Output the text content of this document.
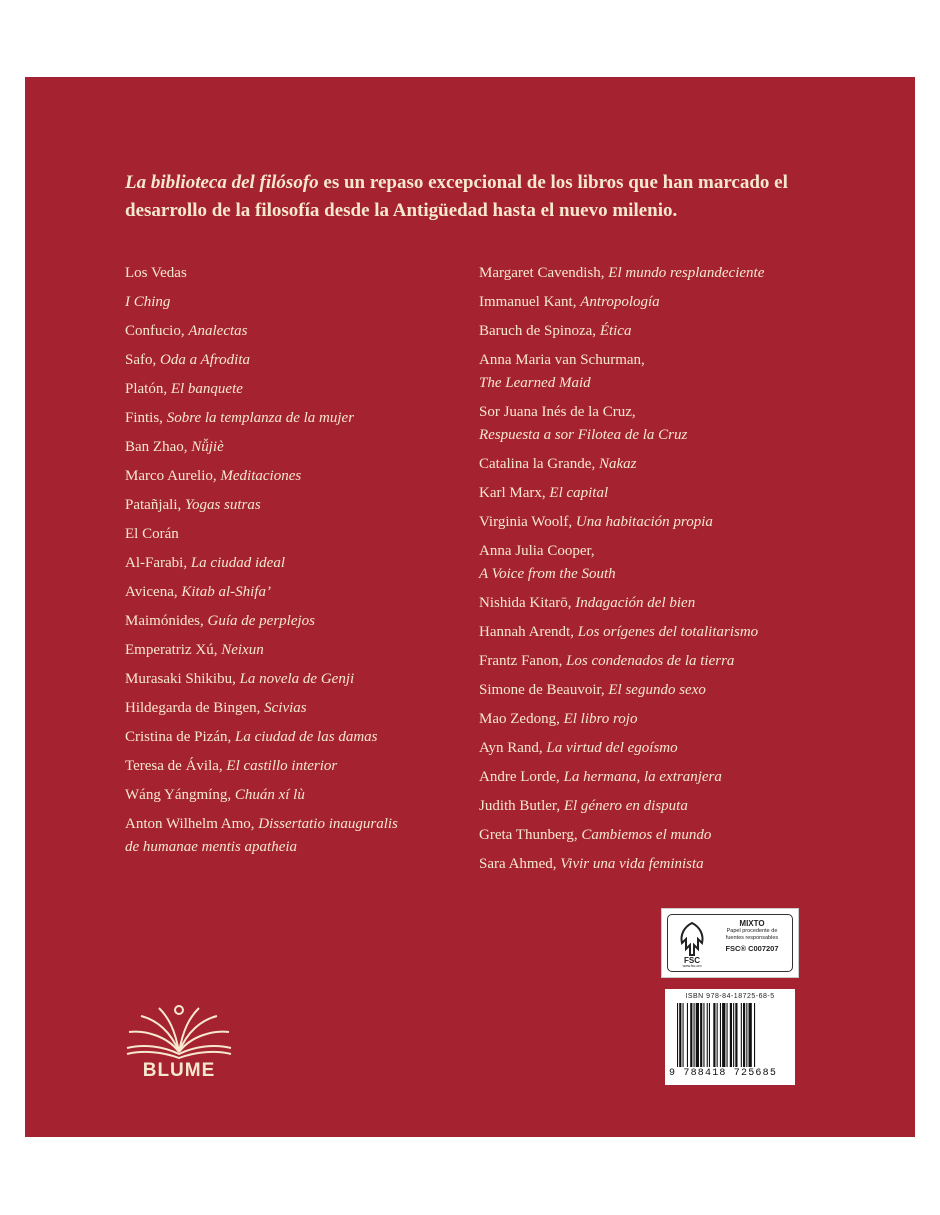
La biblioteca del filósofo es un repaso excepcional de los libros que han marcado el desarrollo de la filosofía desde la Antigüedad hasta el nuevo milenio.

Los Vedas
I Ching
Confucio, Analectas
Safo, Oda a Afrodita
Platón, El banquete
Fintis, Sobre la templanza de la mujer
Ban Zhao, Nǚjiè
Marco Aurelio, Meditaciones
Patañjali, Yogas sutras
El Corán
Al-Farabi, La ciudad ideal
Avicena, Kitab al-Shifa’
Maimónides, Guía de perplejos
Emperatriz Xú, Neixun
Murasaki Shikibu, La novela de Genji
Hildegarda de Bingen, Scivias
Cristina de Pizán, La ciudad de las damas
Teresa de Ávila, El castillo interior
Wáng Yángmíng, Chuán xí lù
Anton Wilhelm Amo, Dissertatio inauguralis
de humanae mentis apatheia
Margaret Cavendish, El mundo resplandeciente
Immanuel Kant, Antropología
Baruch de Spinoza, Ética
Anna Maria van Schurman,
The Learned Maid
Sor Juana Inés de la Cruz,
Respuesta a sor Filotea de la Cruz
Catalina la Grande, Nakaz
Karl Marx, El capital
Virginia Woolf, Una habitación propia
Anna Julia Cooper,
A Voice from the South
Nishida Kitarō, Indagación del bien
Hannah Arendt, Los orígenes del totalitarismo
Frantz Fanon, Los condenados de la tierra
Simone de Beauvoir, El segundo sexo
Mao Zedong, El libro rojo
Ayn Rand, La virtud del egoísmo
Andre Lorde, La hermana, la extranjera
Judith Butler, El género en disputa
Greta Thunberg, Cambiemos el mundo
Sara Ahmed, Vivir una vida feminista
FSC
www.fsc.org
MIXTO
Papel procedente de
fuentes responsables
FSC® C007207
ISBN 978-84-18725-68-5
9 788418 725685
BLUME
